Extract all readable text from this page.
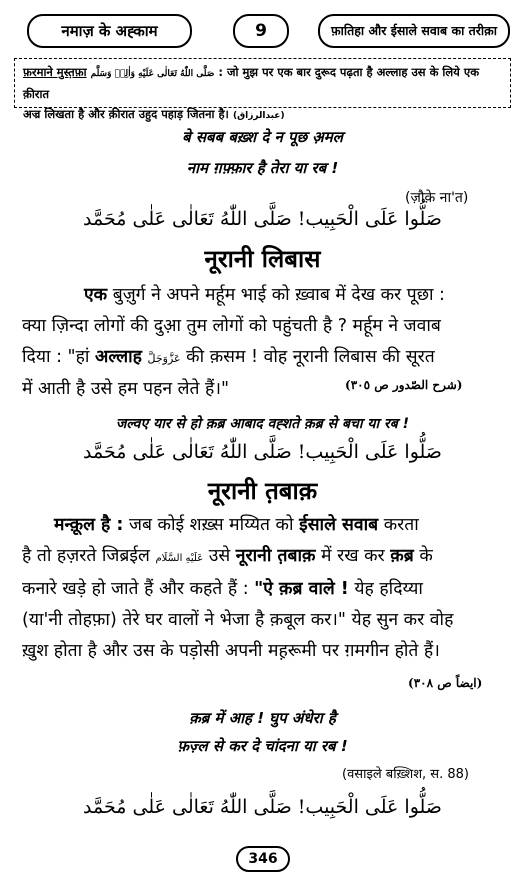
नमाज़ के अह्काम	9	फ़ातिहा और ईसाले सवाब का तरीक़ा
फ़रमाने मुस्त़फ़ा صَلَّى اللّٰهُ تَعَالٰى عَلَيْهِ وَاٰلِهٖ وَسَلَّم : जो मुझ पर एक बार दुरूद पढ़ता है अल्लाह उस के लिये एक क़ीरात
अज्र लिखता है और क़ीरात उहुद पहाड़ जितना है। (عبدالرزاق)
बे सबब बख़्श दे न पूछ अ़मल
नाम ग़फ़्फ़ार है तेरा या रब !
(ज़ौक़े ना'त)
صَلُّوا عَلَى الْحَبِيب! صَلَّى اللّٰهُ تَعَالٰى عَلٰى مُحَمَّد
नूरानी लिबास
एक बुज़ुर्ग ने अपने मर्हूम भाई को ख़्वाब में देख कर पूछा :
क्या ज़िन्दा लोगों की दुआ़ तुम लोगों को पहुंचती है ? मर्हूम ने जवाब
दिया : "हां अल्लाह عَزَّوَجَلَّ की क़सम ! वोह नूरानी लिबास की सूरत
में आती है उसे हम पहन लेते हैं।"	(شرح الصّدور ص ٣٠٥)
जल्वए यार से हो क़ब्र आबाद वह्शते क़ब्र से बचा या रब !
صَلُّوا عَلَى الْحَبِيب! صَلَّى اللّٰهُ تَعَالٰى عَلٰى مُحَمَّد
नूरानी त़बाक़
मन्क़ूल है : जब कोई शख़्स मय्यित को ईसाले सवाब करता
है तो हज़रते जिब्रईल عَلَيْهِ السَّلَام उसे नूरानी त़बाक़ में रख कर क़ब्र के
कनारे खड़े हो जाते हैं और कहते हैं : "ऐ क़ब्र वाले ! येह हदिय्या
(या'नी तोहफ़ा) तेरे घर वालों ने भेजा है क़बूल कर।" येह सुन कर वोह
ख़ुश होता है और उस के पड़ोसी अपनी मह़रूमी पर ग़मगीन होते हैं।
(ایضاً ص ٣٠٨)
क़ब्र में आह ! घुप अंधेरा है
फ़ज़्ल से कर दे चांदना या रब !
(वसाइले बख़्शिश, स. 88)
صَلُّوا عَلَى الْحَبِيب! صَلَّى اللّٰهُ تَعَالٰى عَلٰى مُحَمَّد
346
